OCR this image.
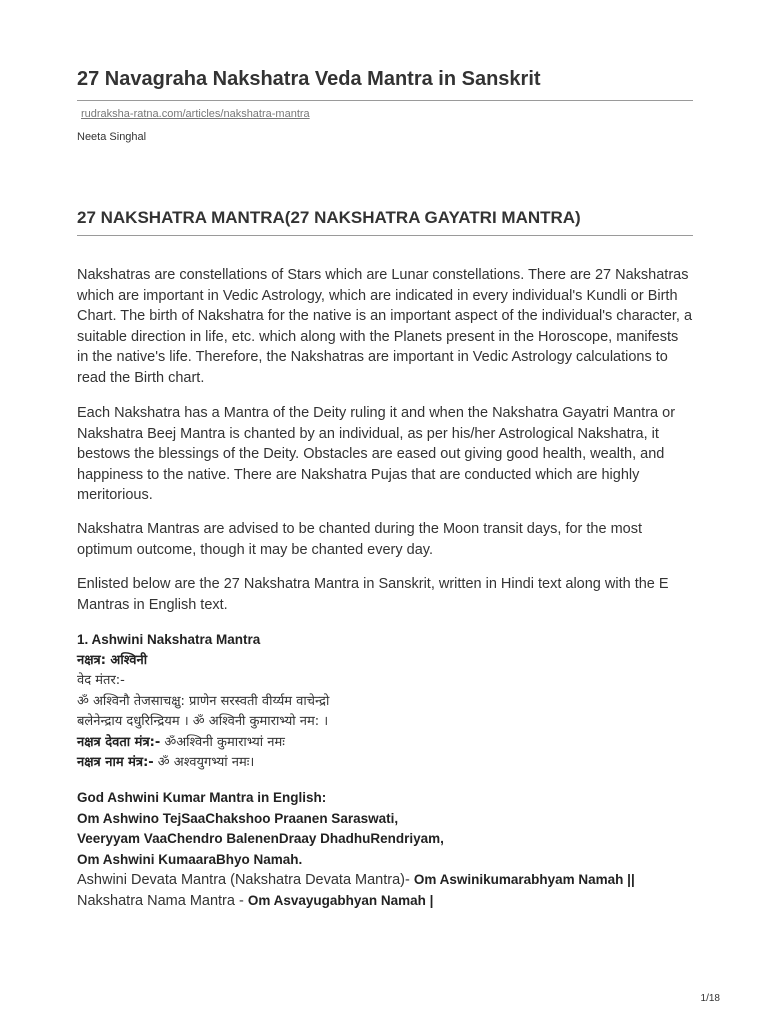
27 Navagraha Nakshatra Veda Mantra in Sanskrit
rudraksha-ratna.com/articles/nakshatra-mantra
Neeta Singhal
27 NAKSHATRA MANTRA(27 NAKSHATRA GAYATRI MANTRA)

Nakshatras are constellations of Stars which are Lunar constellations. There are 27 Nakshatras which are important in Vedic Astrology, which are indicated in every individual's Kundli or Birth Chart. The birth of Nakshatra for the native is an important aspect of the individual's character, a suitable direction in life, etc. which along with the Planets present in the Horoscope, manifests in the native's life. Therefore, the Nakshatras are important in Vedic Astrology calculations to read the Birth chart.

Each Nakshatra has a Mantra of the Deity ruling it and when the Nakshatra Gayatri Mantra or Nakshatra Beej Mantra is chanted by an individual, as per his/her Astrological Nakshatra, it bestows the blessings of the Deity. Obstacles are eased out giving good health, wealth, and happiness to the native. There are Nakshatra Pujas that are conducted which are highly meritorious.

Nakshatra Mantras are advised to be chanted during the Moon transit days, for the most optimum outcome, though it may be chanted every day.

Enlisted below are the 27 Nakshatra Mantra in Sanskrit, written in Hindi text along with the E Mantras in English text.

1. Ashwini Nakshatra Mantra
नक्षत्र: अश्विनी
वेद मंतर:-
ॐ अश्विनौ तेजसाचक्षु: प्राणेन सरस्वती वीर्य्यम वाचेन्द्रो
बलेनेन्द्राय दधुरिन्द्रियम । ॐ अश्विनी कुमाराभ्यो नम: ।
नक्षत्र देवता मंत्र:- ॐअश्विनी कुमाराभ्यां नमः
नक्षत्र नाम मंत्र:- ॐ अश्वयुगभ्यां नमः।
God Ashwini Kumar Mantra in English:
Om Ashwino TejSaaChakshoo Praanen Saraswati,
Veeryyam VaaChendro BalenenDraay DhadhuRendriyam,
Om Ashwini KumaaraBhyo Namah.
Ashwini Devata Mantra (Nakshatra Devata Mantra)- Om Aswinikumarabhyam Namah ||
Nakshatra Nama Mantra - Om Asvayugabhyan Namah |
1/18
